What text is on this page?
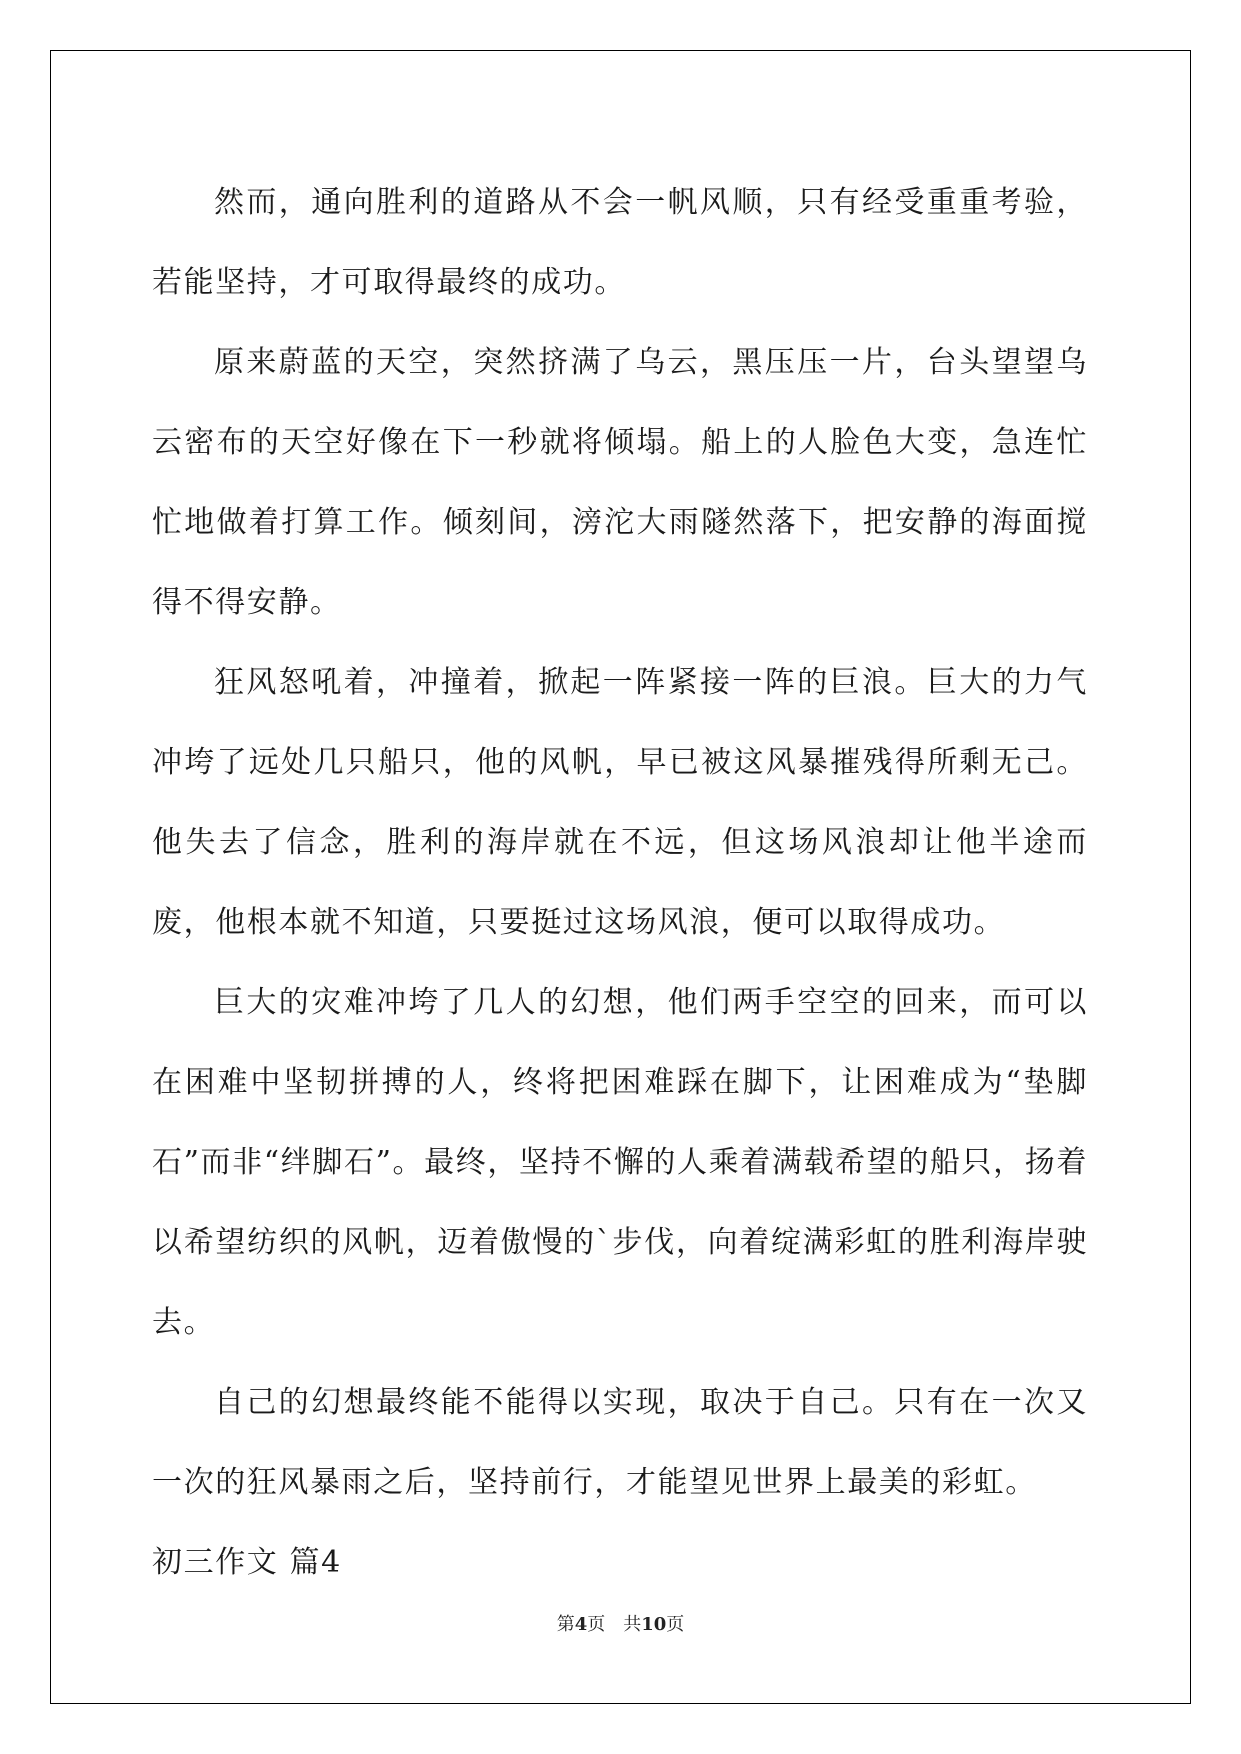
然而，通向胜利的道路从不会一帆风顺，只有经受重重考验，若能坚持，才可取得最终的成功。

原来蔚蓝的天空，突然挤满了乌云，黑压压一片，台头望望乌云密布的天空好像在下一秒就将倾塌。船上的人脸色大变，急连忙忙地做着打算工作。倾刻间，滂沱大雨隧然落下，把安静的海面搅得不得安静。

狂风怒吼着，冲撞着，掀起一阵紧接一阵的巨浪。巨大的力气冲垮了远处几只船只，他的风帆，早已被这风暴摧残得所剩无己。他失去了信念，胜利的海岸就在不远，但这场风浪却让他半途而废，他根本就不知道，只要挺过这场风浪，便可以取得成功。

巨大的灾难冲垮了几人的幻想，他们两手空空的回来，而可以在困难中坚韧拼搏的人，终将把困难踩在脚下，让困难成为“垫脚石”而非“绊脚石”。最终，坚持不懈的人乘着满载希望的船只，扬着以希望纺织的风帆，迈着傲慢的`步伐，向着绽满彩虹的胜利海岸驶去。

自己的幻想最终能不能得以实现，取决于自己。只有在一次又一次的狂风暴雨之后，坚持前行，才能望见世界上最美的彩虹。

初三作文 篇4

第4页　共10页
